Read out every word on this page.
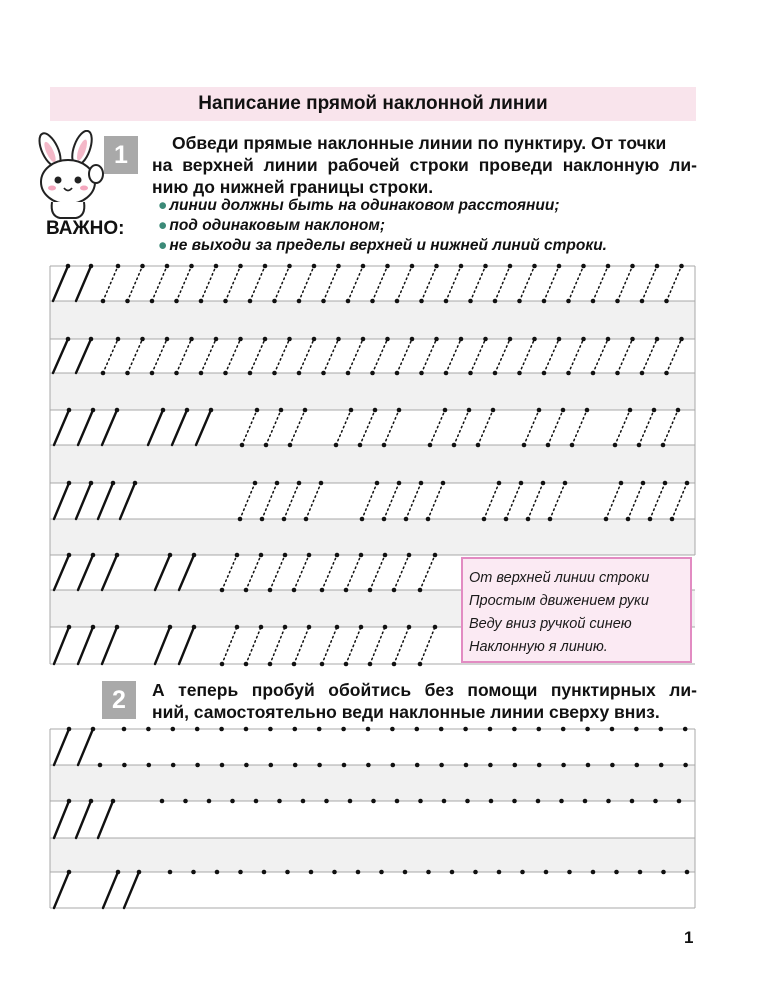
Написание прямой наклонной линии
1	Обведи прямые наклонные линии по пунктиру. От точки
на верхней линии рабочей строки проведи наклонную ли-
нию до нижней границы строки.
ВАЖНО:
● линии должны быть на одинаковом расстоянии;
● под одинаковым наклоном;
● не выходи за пределы верхней и нижней линий строки.
От верхней линии строки
Простым движением руки
Веду вниз ручкой синею
Наклонную я линию.
2	А теперь пробуй обойтись без помощи пунктирных ли-
ний, самостоятельно веди наклонные линии сверху вниз.
1
